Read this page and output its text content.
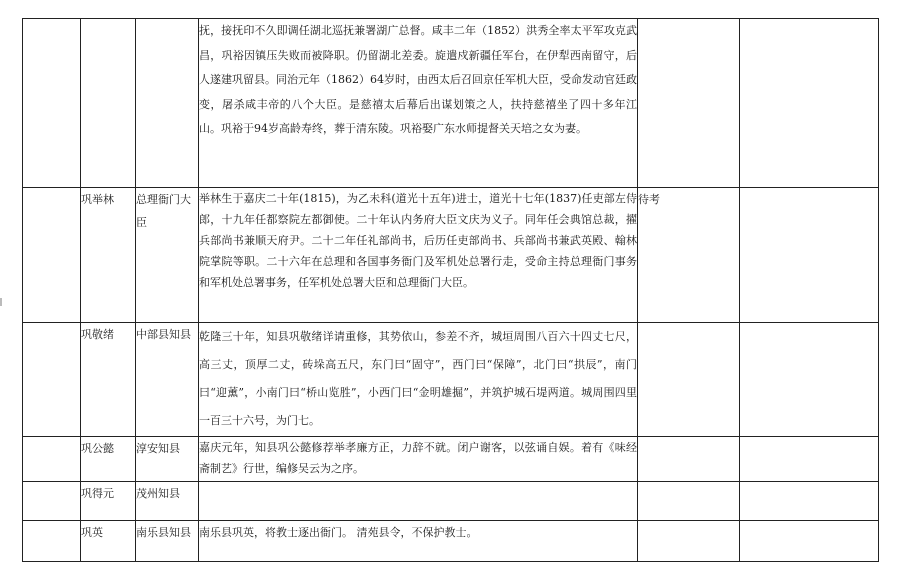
			抚，接抚印不久即调任湖北巡抚兼署湖广总督。咸丰二年（1852）洪秀全率太平军攻克武昌，巩裕因镇压失败而被降职。仍留湖北差委。旋遣戍新疆任军台，在伊犁西南留守，后人遂建巩留县。同治元年（1862）64岁时，由西太后召回京任军机大臣，受命发动官廷政变，屠杀咸丰帝的八个大臣。是慈禧太后幕后出谋划策之人，扶持慈禧坐了四十多年江山。巩裕于94岁高龄寿终，葬于清东陵。巩裕娶广东水师提督关天培之女为妻。		

	巩举林	总理衙门大臣	举林生于嘉庆二十年(1815)，为乙未科(道光十五年)进士，道光十七年(1837)任吏部左侍郎，十九年任都察院左都御使。二十年认内务府大臣文庆为义子。同年任会典馆总裁，擢兵部尚书兼顺天府尹。二十二年任礼部尚书，后历任吏部尚书、兵部尚书兼武英殿、翰林院掌院等职。二十六年在总理和各国事务衙门及军机处总署行走，受命主持总理衙门事务和军机处总署事务，任军机处总署大臣和总理衙门大臣。	待考	
	巩敬绪	中部县知县	乾隆三十年，知县巩敬绪详请重修，其势依山，参差不齐，城垣周围八百六十四丈七尺，高三丈，顶厚二丈，砖垛高五尺，东门曰“固守”，西门曰“保障”，北门曰“拱辰”，南门曰“迎薰”，小南门曰“桥山览胜”，小西门曰“金明雄掘”，并筑护城石堤两道。城周围四里一百三十六号，为门七。		

	巩公懿	淳安知县	嘉庆元年，知县巩公懿修荐举孝廉方正，力辞不就。闭户谢客，以弦诵自娱。着有《味经斋制艺》行世，编修吴云为之序。		

	巩得元	茂州知县	

	巩英	南乐县知县	南乐县巩英，将教士逐出衙门。 清苑县令，不保护教士。		
